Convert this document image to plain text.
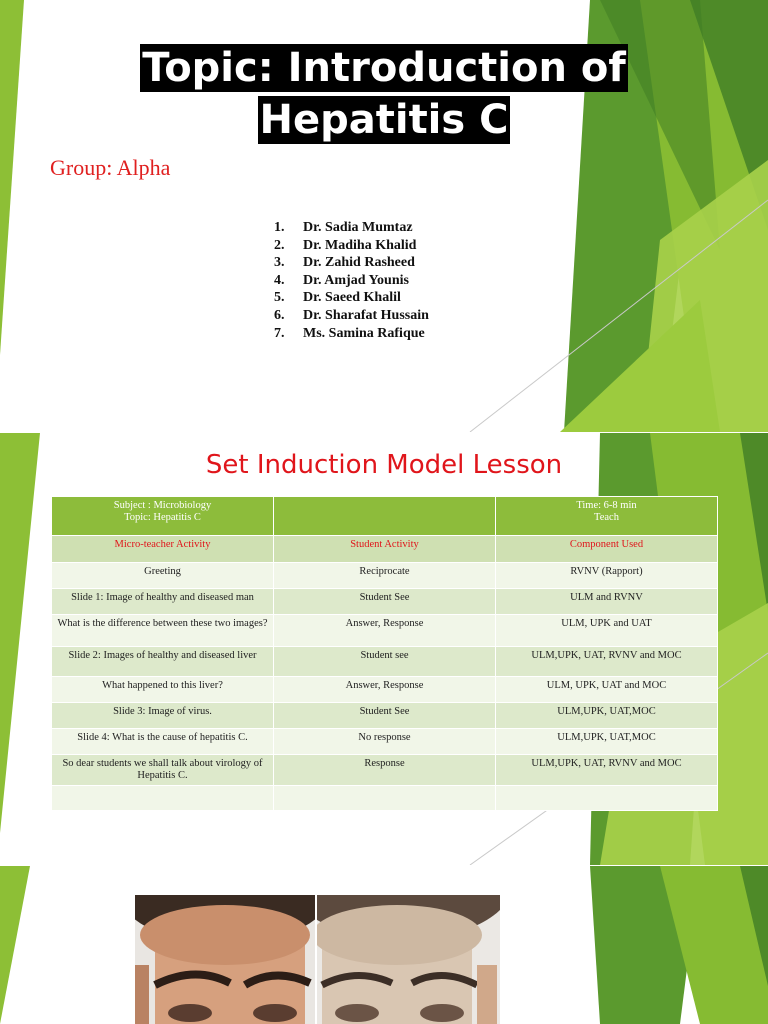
Topic: Introduction of
Hepatitis C
Group: Alpha
1. Dr. Sadia Mumtaz
2. Dr. Madiha Khalid
3. Dr. Zahid Rasheed
4. Dr. Amjad Younis
5. Dr. Saeed Khalil
6. Dr. Sharafat Hussain
7. Ms. Samina Rafique
Set Induction Model Lesson
Subject : Microbiology
Topic: Hepatitis C		Time: 6-8 min
Teach
Micro-teacher Activity	Student Activity	Component Used
Greeting	Reciprocate	RVNV (Rapport)
Slide 1: Image of healthy and diseased man	Student See	ULM and RVNV
What is the difference between these two images?	Answer, Response	ULM, UPK and UAT
Slide 2: Images of healthy and diseased liver	Student see	ULM,UPK, UAT, RVNV and MOC
What happened to this liver?	Answer, Response	ULM, UPK, UAT and MOC
Slide 3: Image of virus.	Student See	ULM,UPK, UAT,MOC
Slide 4: What is the cause of hepatitis C.	No response	ULM,UPK, UAT,MOC
So dear students we shall talk about virology of Hepatitis C.	Response	ULM,UPK, UAT, RVNV and MOC
